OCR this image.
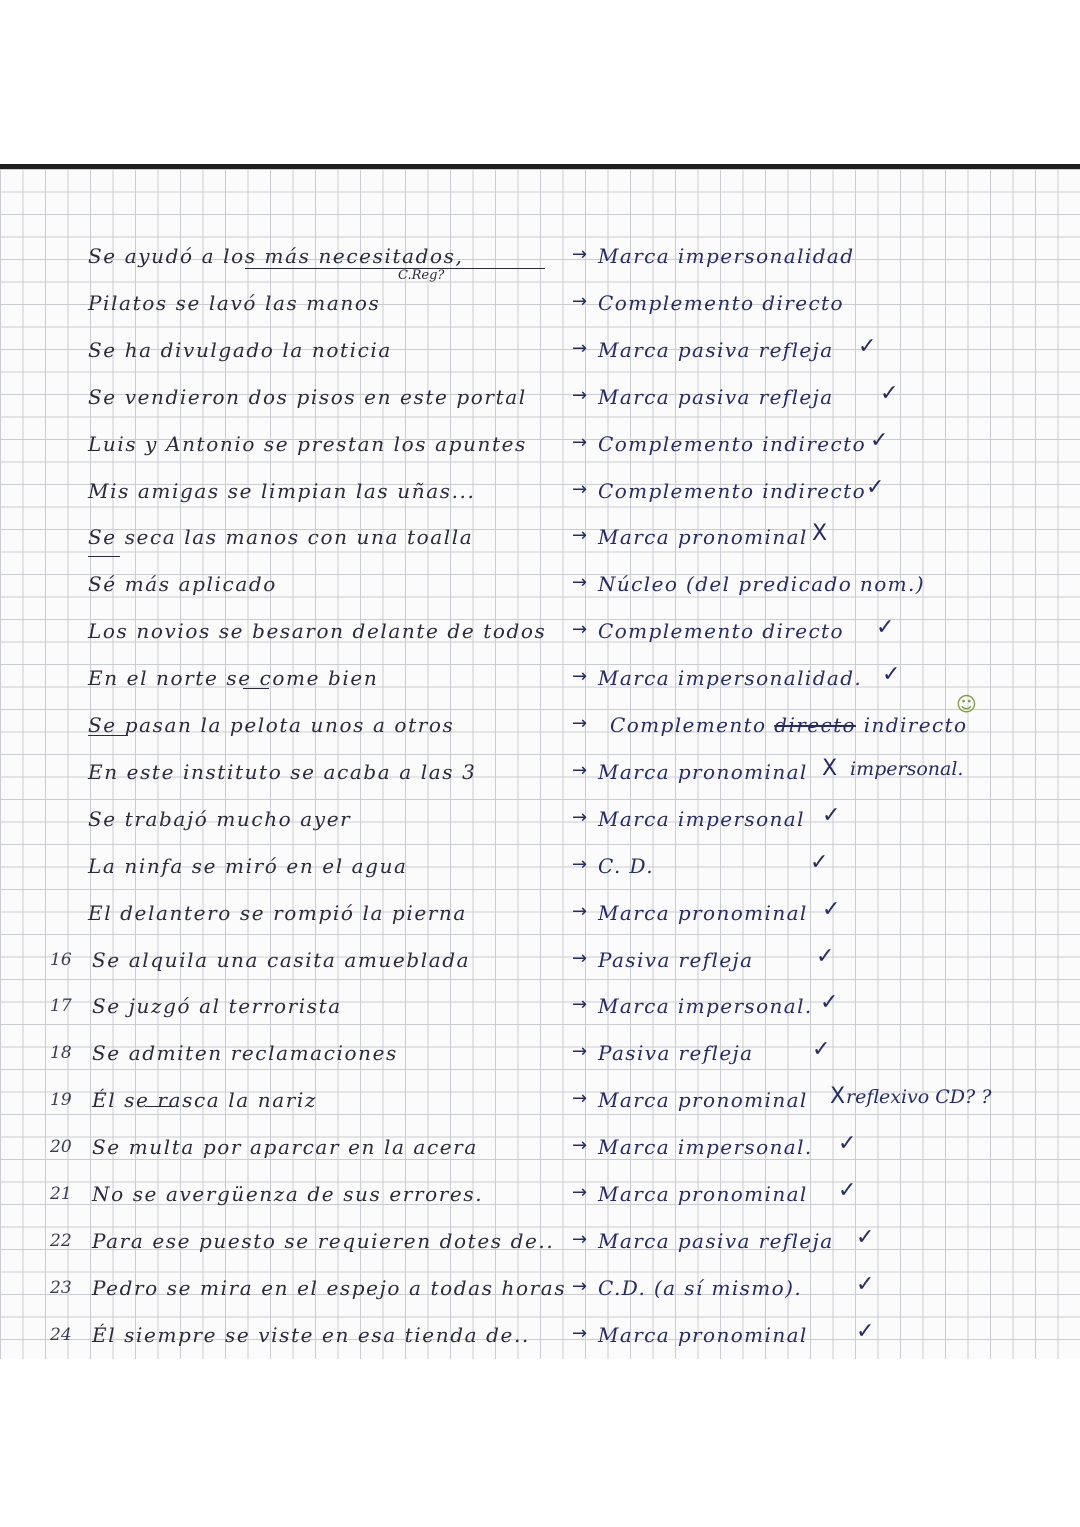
Se ayudó a los más necesitados,	→ Marca impersonalidad
Pilatos se lavó las manos	→ Complemento directo
Se ha divulgado la noticia	→ Marca pasiva refleja ✓
Se vendieron dos pisos en este portal	→ Marca pasiva refleja ✓
Luis y Antonio se prestan los apuntes	→ Complemento indirecto ✓
Mis amigas se limpian las uñas...	→ Complemento indirecto ✓
Se seca las manos con una toalla	→ Marca pronominal X
Sé más aplicado	→ Núcleo (del predicado nom.)
Los novios se besaron delante de todos	→ Complemento directo ✓
En el norte se come bien	→ Marca impersonalidad. ✓
Se pasan la pelota unos a otros	→ Complemento directo indirecto
En este instituto se acaba a las 3	→ Marca pronominal X impersonal.
Se trabajó mucho ayer	→ Marca impersonal ✓
La ninfa se miró en el agua	→ C. D.	✓
El delantero se rompió la pierna	→ Marca pronominal ✓
16 Se alquila una casita amueblada	→ Pasiva refleja	✓
17 Se juzgó al terrorista	→ Marca impersonal. ✓
18 Se admiten reclamaciones	→ Pasiva refleja	✓
19 Él se rasca la nariz	→ Marca pronominal X reflexivo CD? ?
20 Se multa por aparcar en la acera	→ Marca impersonal. ✓
21 No se avergüenza de sus errores.	→ Marca pronominal ✓
22 Para ese puesto se requieren dotes de.. → Marca pasiva refleja ✓
23 Pedro se mira en el espejo a todas horas → C.D. (a sí mismo). ✓
24 Él siempre se viste en esa tienda de..	→ Marca pronominal ✓
C.Reg?
☺
